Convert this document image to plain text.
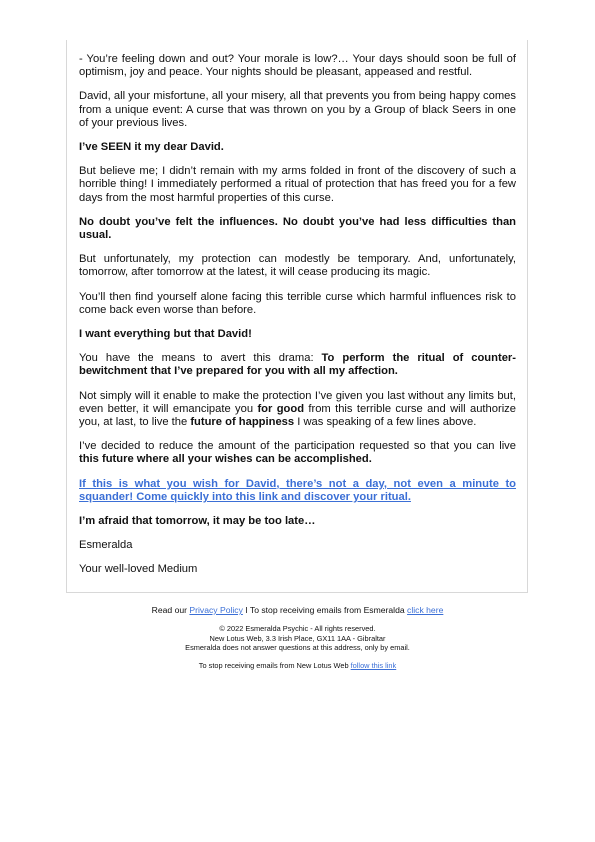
- You’re feeling down and out? Your morale is low?… Your days should soon be full of optimism, joy and peace. Your nights should be pleasant, appeased and restful.

David, all your misfortune, all your misery, all that prevents you from being happy comes from a unique event: A curse that was thrown on you by a Group of black Seers in one of your previous lives.

I’ve SEEN it my dear David.

But believe me; I didn’t remain with my arms folded in front of the discovery of such a horrible thing! I immediately performed a ritual of protection that has freed you for a few days from the most harmful properties of this curse.

No doubt you’ve felt the influences. No doubt you’ve had less difficulties than usual.

But unfortunately, my protection can modestly be temporary. And, unfortunately, tomorrow, after tomorrow at the latest, it will cease producing its magic.

You’ll then find yourself alone facing this terrible curse which harmful influences risk to come back even worse than before.

I want everything but that David!

You have the means to avert this drama: To perform the ritual of counter-bewitchment that I’ve prepared for you with all my affection.

Not simply will it enable to make the protection I’ve given you last without any limits but, even better, it will emancipate you for good from this terrible curse and will authorize you, at last, to live the future of happiness I was speaking of a few lines above.

I’ve decided to reduce the amount of the participation requested so that you can live this future where all your wishes can be accomplished.

If this is what you wish for David, there’s not a day, not even a minute to squander! Come quickly into this link and discover your ritual.

I’m afraid that tomorrow, it may be too late…

Esmeralda

Your well-loved Medium

Read our Privacy Policy I To stop receiving emails from Esmeralda click here
© 2022 Esmeralda Psychic - All rights reserved.
New Lotus Web, 3.3 Irish Place, GX11 1AA - Gibraltar
Esmeralda does not answer questions at this address, only by email.
To stop receiving emails from New Lotus Web follow this link
